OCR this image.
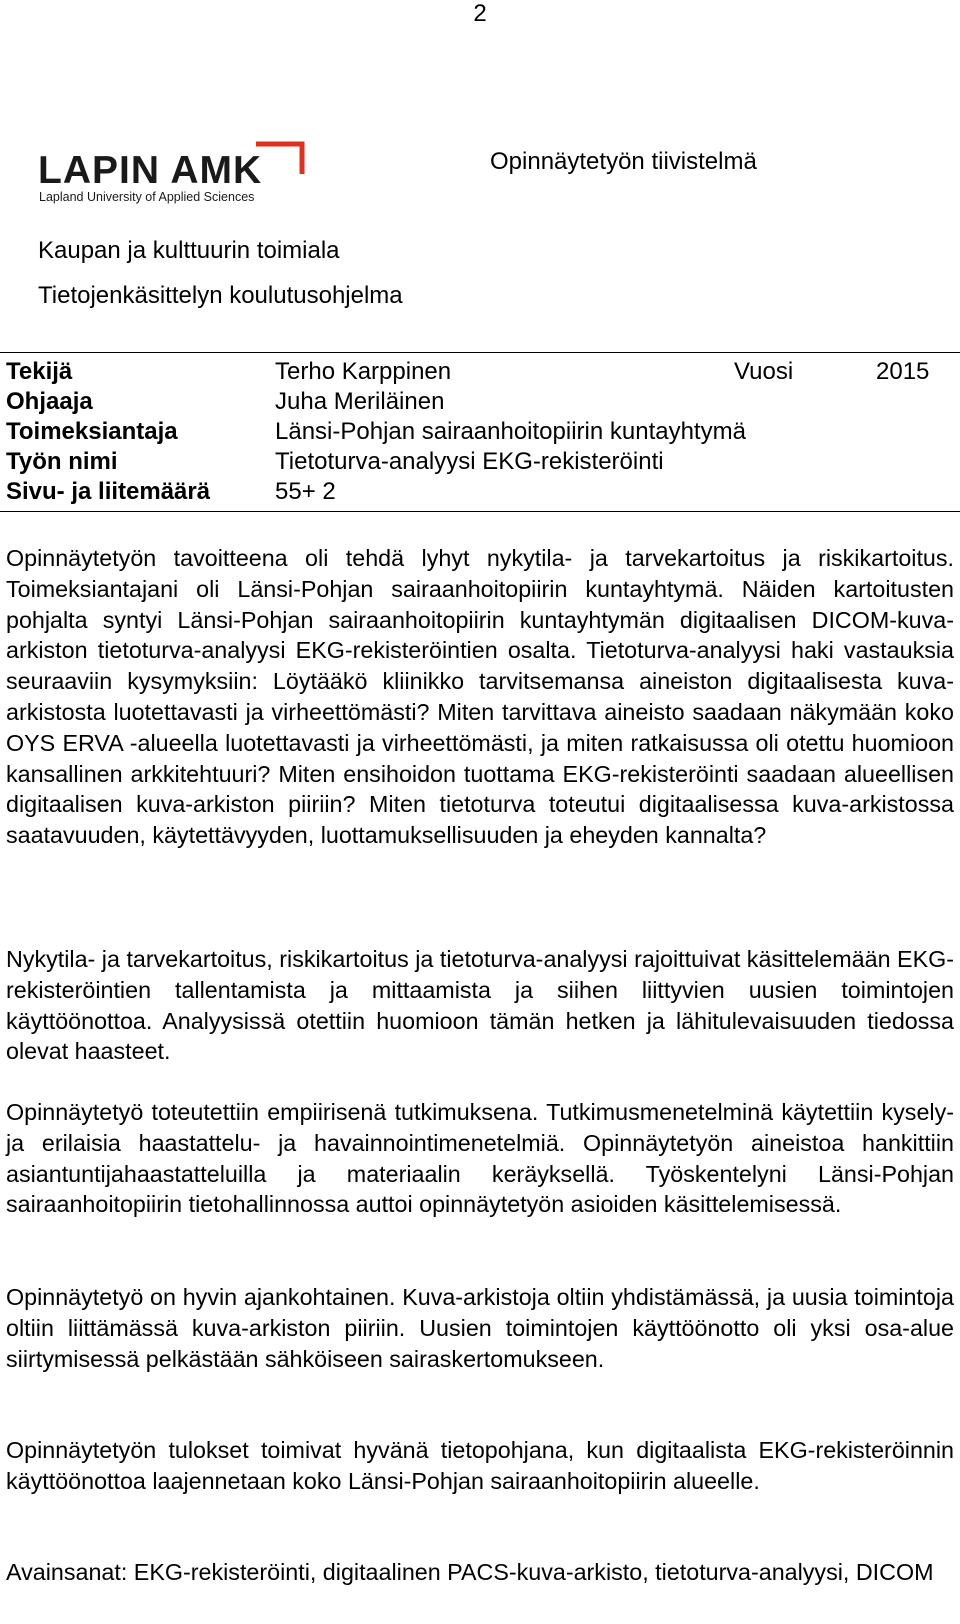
2
LAPIN AMK
Lapland University of Applied Sciences
Opinnäytetyön tiivistelmä
Kaupan ja kulttuurin toimiala
Tietojenkäsittelyn koulutusohjelma
Tekijä	Terho Karppinen	Vuosi	2015
Ohjaaja	Juha Meriläinen
Toimeksiantaja	Länsi-Pohjan sairaanhoitopiirin kuntayhtymä
Työn nimi	Tietoturva-analyysi EKG-rekisteröinti
Sivu- ja liitemäärä	55+ 2
Opinnäytetyön tavoitteena oli tehdä lyhyt nykytila- ja tarvekartoitus ja riskikartoitus. Toimeksiantajani oli Länsi-Pohjan sairaanhoitopiirin kuntayhtymä. Näiden kartoitusten pohjalta syntyi Länsi-Pohjan sairaanhoitopiirin kuntayhtymän digitaalisen DICOM-kuva-arkiston tietoturva-analyysi EKG-rekisteröintien osalta. Tietoturva-analyysi haki vastauksia seuraaviin kysymyksiin: Löytääkö kliinikko tarvitsemansa aineiston digitaalisesta kuva-arkistosta luotettavasti ja virheettömästi? Miten tarvittava aineisto saadaan näkymään koko OYS ERVA -alueella luotettavasti ja virheettömästi, ja miten ratkaisussa oli otettu huomioon kansallinen arkkitehtuuri? Miten ensihoidon tuottama EKG-rekisteröinti saadaan alueellisen digitaalisen kuva-arkiston piiriin? Miten tietoturva toteutui digitaalisessa kuva-arkistossa saatavuuden, käytettävyyden, luottamuksellisuuden ja eheyden kannalta?
Nykytila- ja tarvekartoitus, riskikartoitus ja tietoturva-analyysi rajoittuivat käsittelemään EKG-rekisteröintien tallentamista ja mittaamista ja siihen liittyvien uusien toimintojen käyttöönottoa. Analyysissä otettiin huomioon tämän hetken ja lähitulevaisuuden tiedossa olevat haasteet.
Opinnäytetyö toteutettiin empiirisenä tutkimuksena. Tutkimusmenetelminä käytettiin kysely- ja erilaisia haastattelu- ja havainnointimenetelmiä. Opinnäytetyön aineistoa hankittiin asiantuntijahaastatteluilla ja materiaalin keräyksellä. Työskentelyni Länsi-Pohjan sairaanhoitopiirin tietohallinnossa auttoi opinnäytetyön asioiden käsittelemisessä.
Opinnäytetyö on hyvin ajankohtainen. Kuva-arkistoja oltiin yhdistämässä, ja uusia toimintoja oltiin liittämässä kuva-arkiston piiriin. Uusien toimintojen käyttöönotto oli yksi osa-alue siirtymisessä pelkästään sähköiseen sairaskertomukseen.
Opinnäytetyön tulokset toimivat hyvänä tietopohjana, kun digitaalista EKG-rekisteröinnin käyttöönottoa laajennetaan koko Länsi-Pohjan sairaanhoitopiirin alueelle.
Avainsanat: EKG-rekisteröinti, digitaalinen PACS-kuva-arkisto, tietoturva-analyysi, DICOM
